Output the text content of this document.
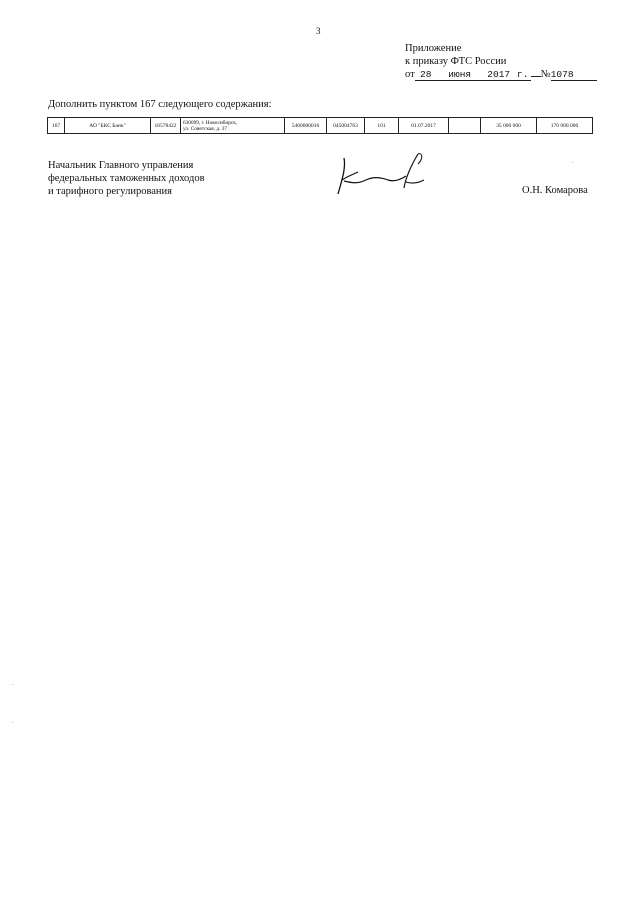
3
Приложение
к приказу ФТС России
от 28 июня 2017 г. №1078
Дополнить пунктом 167 следующего содержания:
167	АО "БКС Банк"	16578422	630099, г. Новосибирск,
ул. Советская, д. 37	5460000016	045004763	101	01.07.2017		35 000 000	170 000 000
Начальник Главного управления
федеральных таможенных доходов
и тарифного регулирования	О.Н. Комарова
